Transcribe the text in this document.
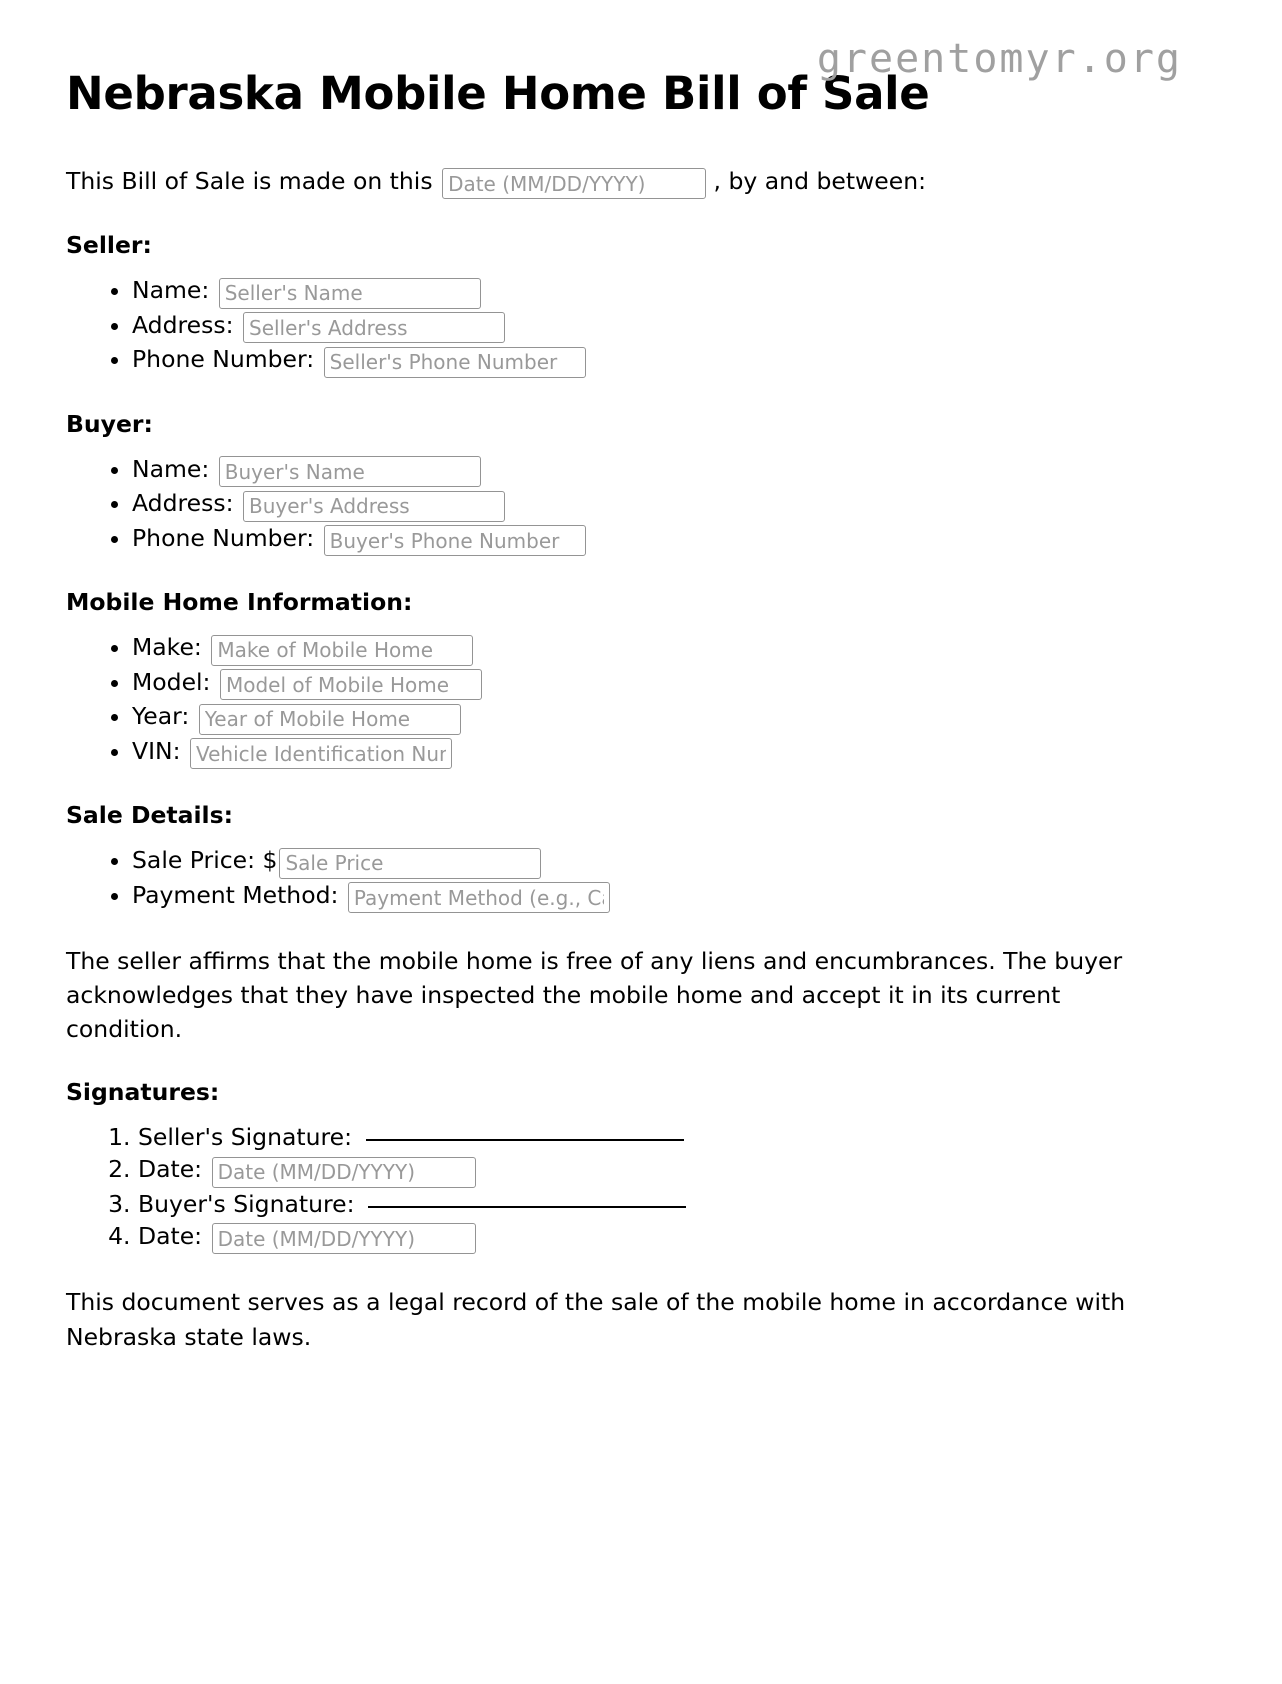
greentomyr.org
Nebraska Mobile Home Bill of Sale

This Bill of Sale is made on this Date (MM/DD/YYYY)	, by and between:

Seller:
• Name: Seller's Name
• Address: Seller's Address
• Phone Number: Seller's Phone Number
Buyer:
• Name: Buyer's Name
• Address: Buyer's Address
• Phone Number: Buyer's Phone Number
Mobile Home Information:
• Make: Make of Mobile Home
• Model: Model of Mobile Home
• Year: Year of Mobile Home
• VIN: Vehicle Identification Number
Sale Details:
• Sale Price: $Sale Price
• Payment Method: Payment Method (e.g., Cash, Check)

The seller affirms that the mobile home is free of any liens and encumbrances. The buyer acknowledges that they have inspected the mobile home and accept it in its current condition.

Signatures:
1. Seller's Signature:
2. Date: Date (MM/DD/YYYY)
3. Buyer's Signature:
4. Date: Date (MM/DD/YYYY)

This document serves as a legal record of the sale of the mobile home in accordance with Nebraska state laws.
